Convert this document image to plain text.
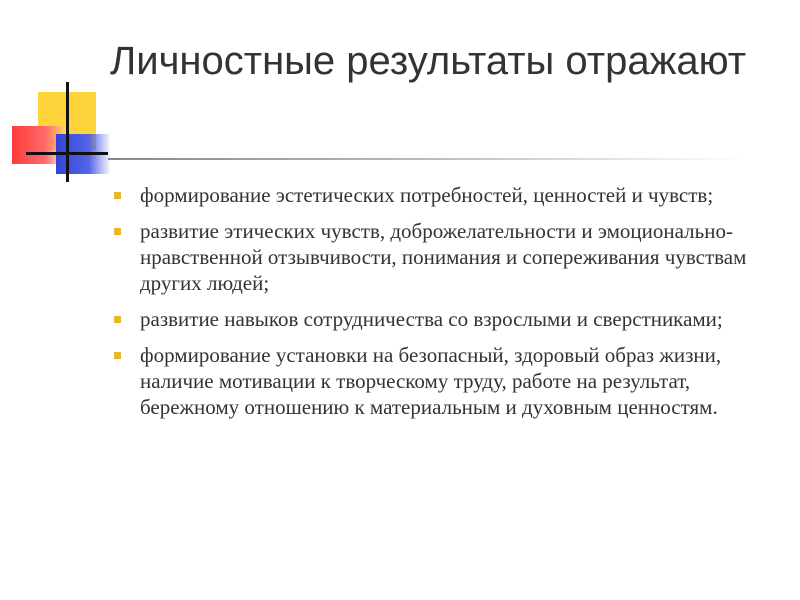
Личностные результаты отражают
формирование эстетических потребностей, ценностей и чувств;
развитие этических чувств, доброжелательности и эмоционально-нравственной отзывчивости, понимания и сопереживания чувствам других людей;
развитие навыков сотрудничества со взрослыми и сверстниками;
формирование установки на безопасный, здоровый образ жизни, наличие мотивации к творческому труду, работе на результат, бережному отношению к материальным и духовным ценностям.
